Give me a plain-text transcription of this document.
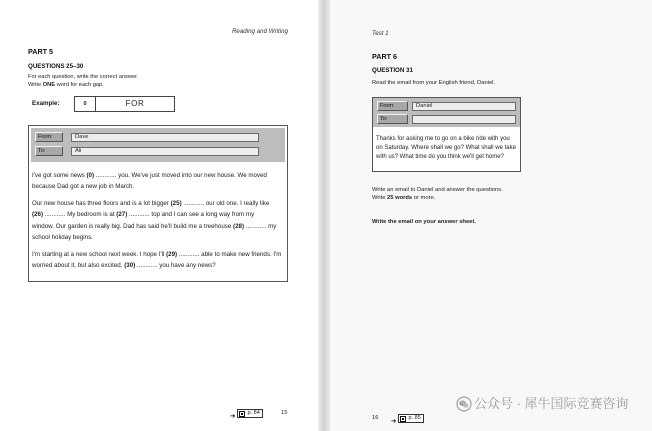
Reading and Writing
PART 5
QUESTIONS 25–30
For each question, write the correct answer.
Write ONE word for each gap.
Example:	0	FOR
From:	Dave
To:	Ali
I've got some news (0) ............ you. We've just moved into our new house. We moved
because Dad got a new job in March.
Our new house has three floors and is a lot bigger (25) ............ our old one. I really like
(26) ............ My bedroom is at (27) ............ top and I can see a long way from my
window. Our garden is really big. Dad has said he'll build me a treehouse (28) ............ my
school holiday begins.
I'm starting at a new school next week. I hope I'll (29) ............ able to make new friends. I'm
worried about it, but also excited. (30) ............ you have any news?
➔
p. 84	15
Test 1
PART 6
QUESTION 31
Read the email from your English friend, Daniel.
From:	Daniel
To:
Thanks for asking me to go on a bike ride with you
on Saturday. Where shall we go? What shall we take
with us? What time do you think we'll get home?
Write an email to Daniel and answer the questions.
Write 25 words or more.
Write the email on your answer sheet.
16
➔	p. 85
公众号 · 犀牛国际竞赛咨询
